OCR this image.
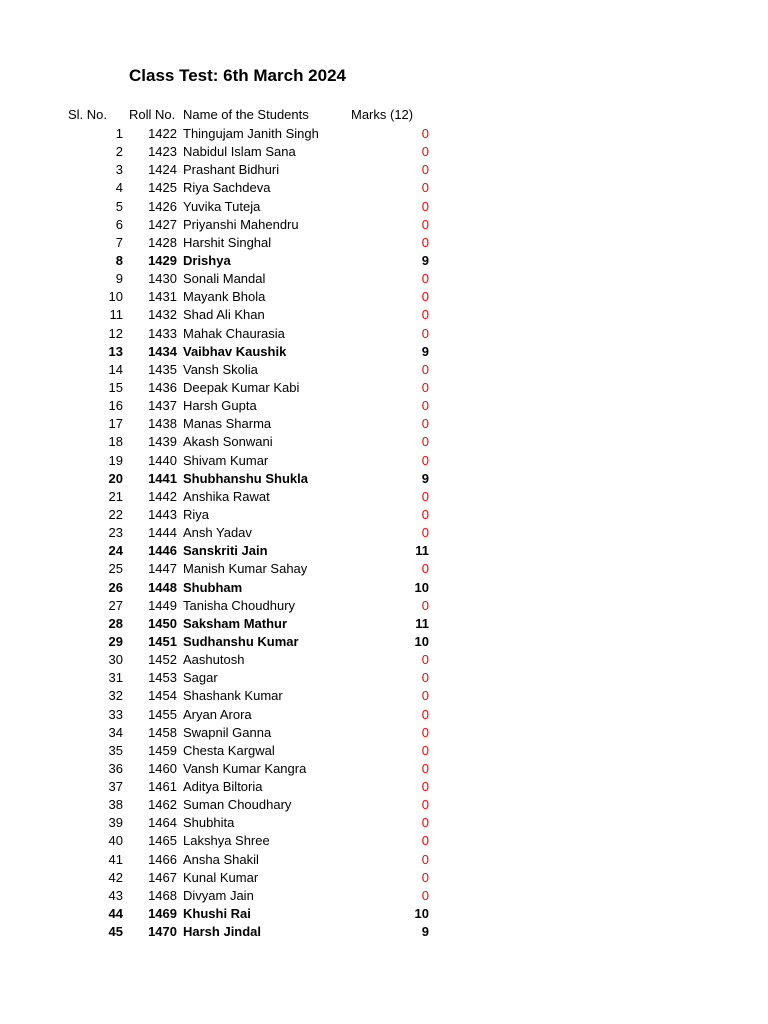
Class Test: 6th March 2024
Sl. No. Roll No. Name of the Students	Marks (12)
1 1422 Thingujam Janith Singh	0
2 1423 Nabidul Islam Sana	0
3 1424 Prashant Bidhuri	0
4 1425 Riya Sachdeva	0
5 1426 Yuvika Tuteja	0
6 1427 Priyanshi Mahendru	0
7 1428 Harshit Singhal	0
8 1429 Drishya	9
9 1430 Sonali Mandal	0
10 1431 Mayank Bhola	0
11 1432 Shad Ali Khan	0
12 1433 Mahak Chaurasia	0
13 1434 Vaibhav Kaushik	9
14 1435 Vansh Skolia	0
15 1436 Deepak Kumar Kabi	0
16 1437 Harsh Gupta	0
17 1438 Manas Sharma	0
18 1439 Akash Sonwani	0
19 1440 Shivam Kumar	0
20 1441 Shubhanshu Shukla	9
21 1442 Anshika Rawat	0
22 1443 Riya	0
23 1444 Ansh Yadav	0
24 1446 Sanskriti Jain	11
25 1447 Manish Kumar Sahay	0
26 1448 Shubham	10
27 1449 Tanisha Choudhury	0
28 1450 Saksham Mathur	11
29 1451 Sudhanshu Kumar	10
30 1452 Aashutosh	0
31 1453 Sagar	0
32 1454 Shashank Kumar	0
33 1455 Aryan Arora	0
34 1458 Swapnil Ganna	0
35 1459 Chesta Kargwal	0
36 1460 Vansh Kumar Kangra	0
37 1461 Aditya Biltoria	0
38 1462 Suman Choudhary	0
39 1464 Shubhita	0
40 1465 Lakshya Shree	0
41 1466 Ansha Shakil	0
42 1467 Kunal Kumar	0
43 1468 Divyam Jain	0
44 1469 Khushi Rai	10
45 1470 Harsh Jindal	9
